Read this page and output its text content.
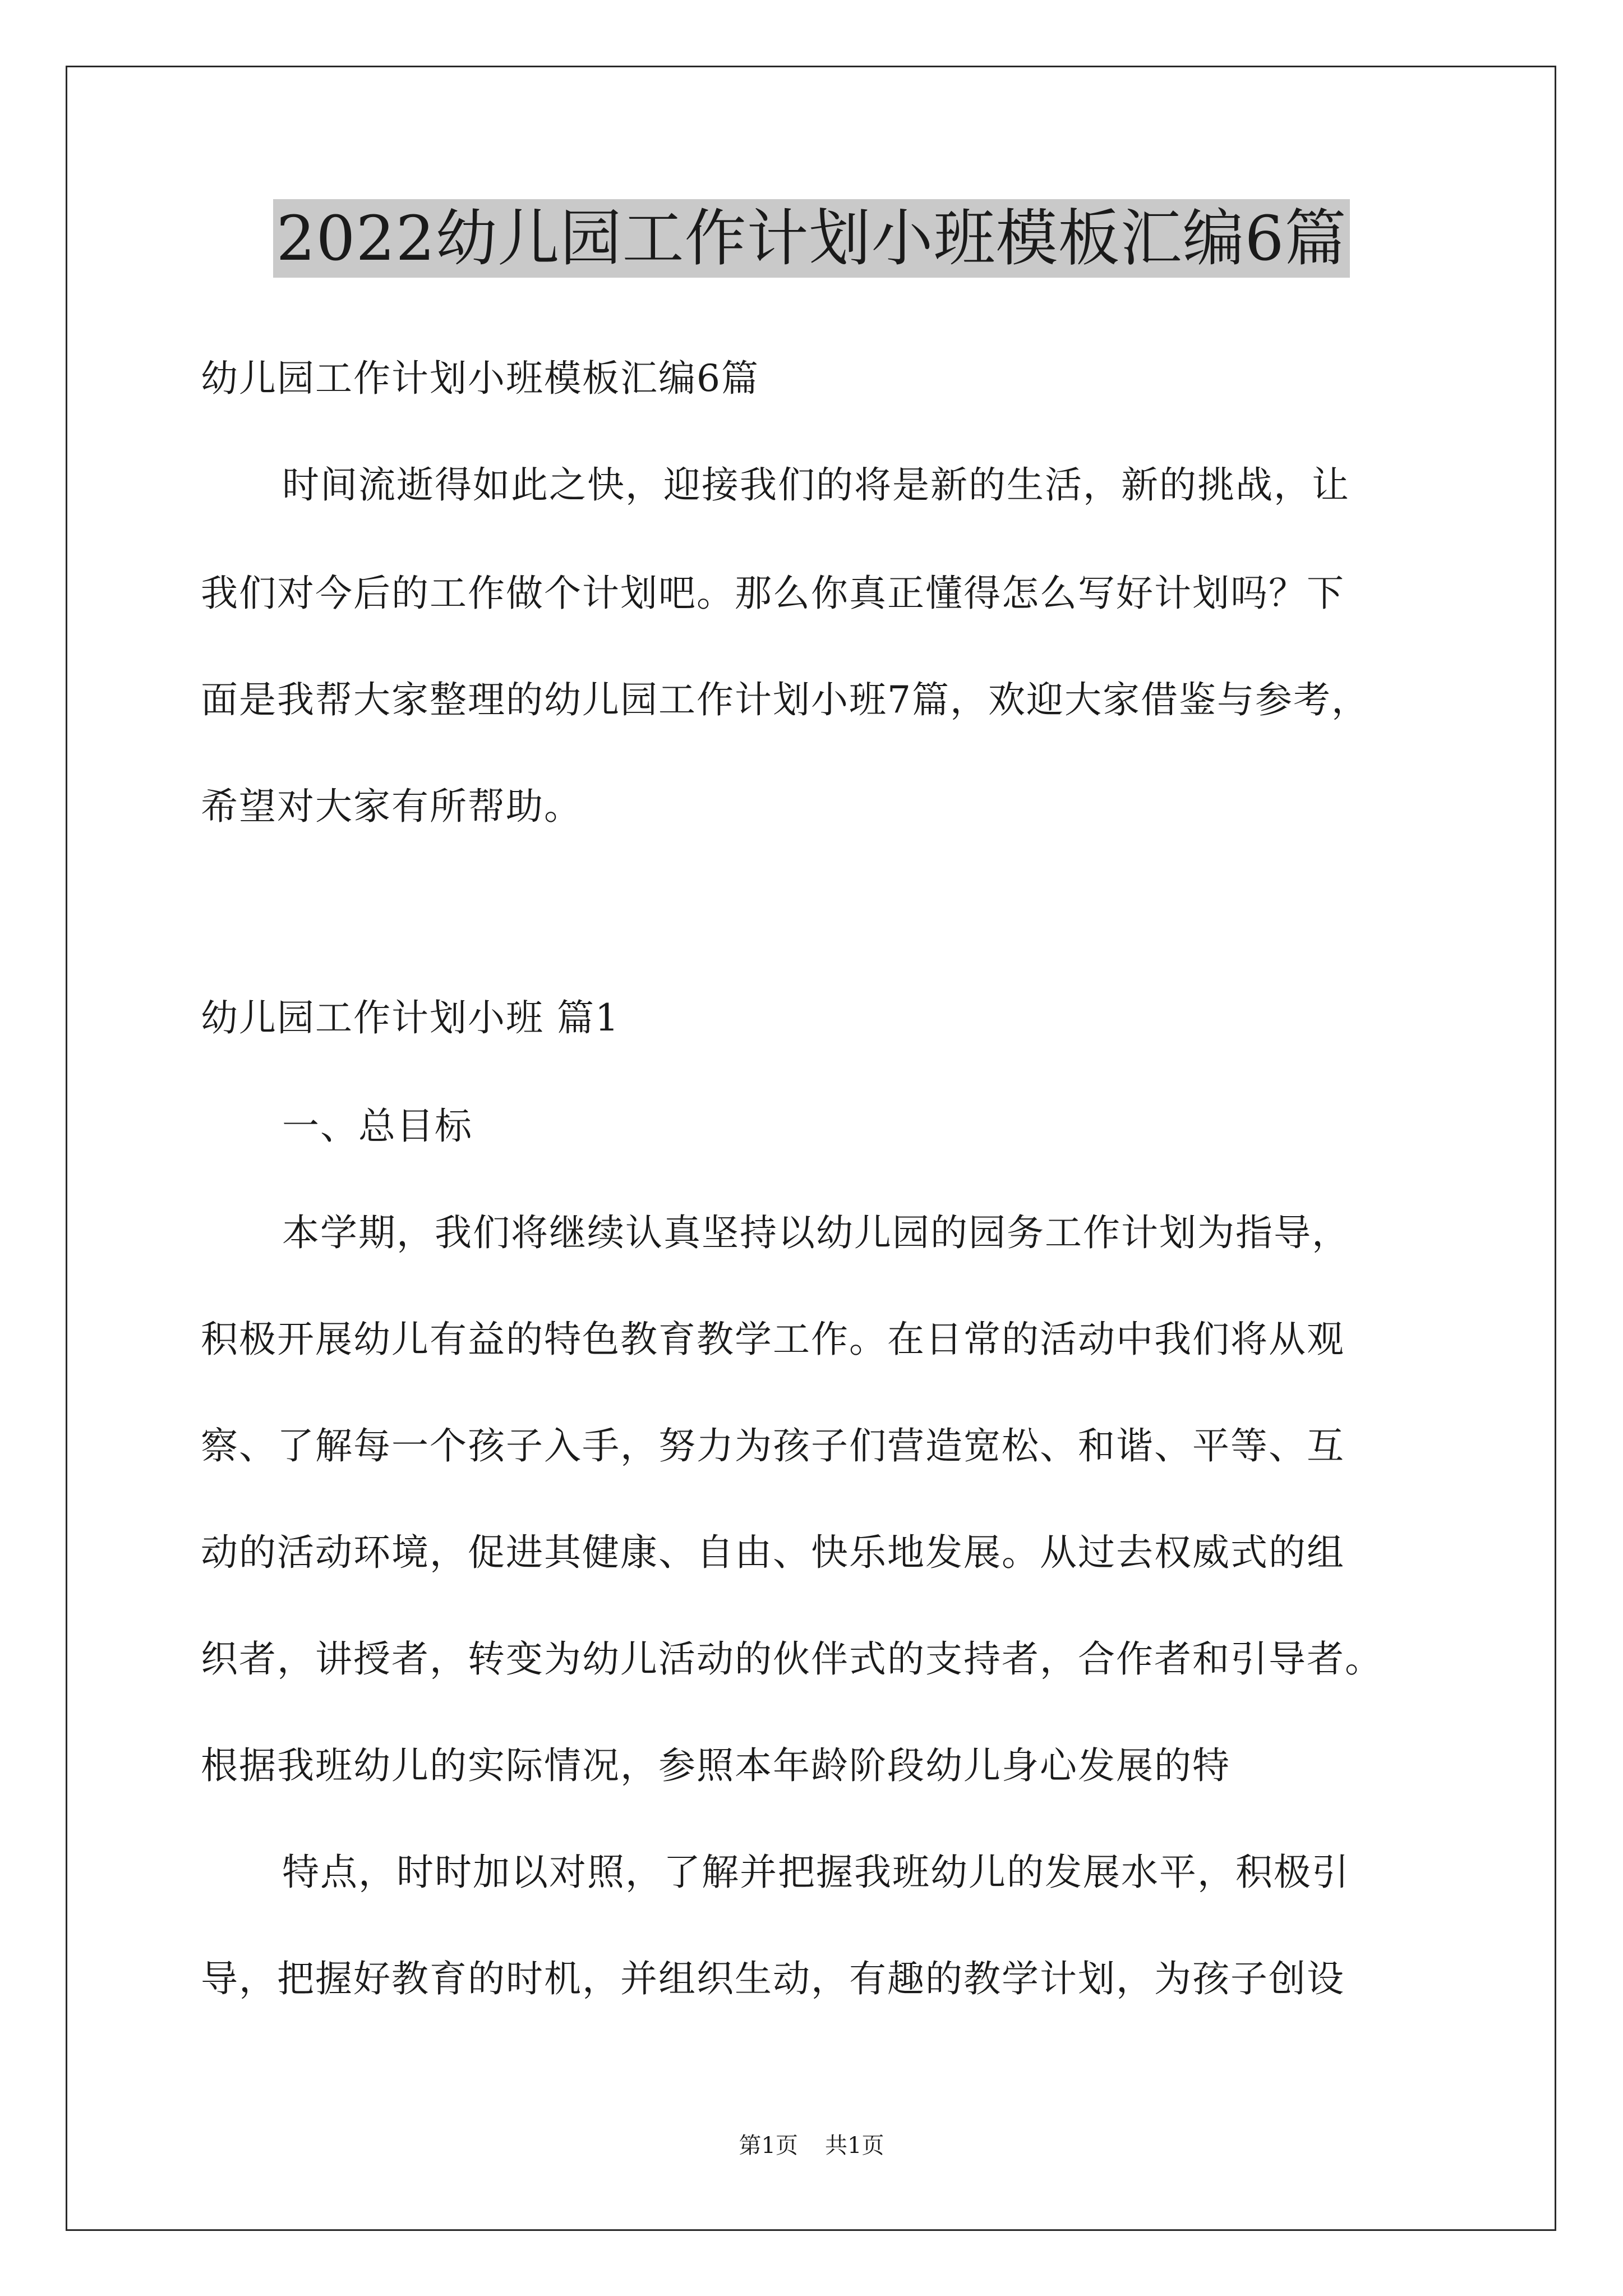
2022幼儿园工作计划小班模板汇编6篇
幼儿园工作计划小班模板汇编6篇
时间流逝得如此之快，迎接我们的将是新的生活，新的挑战，让
我们对今后的工作做个计划吧。那么你真正懂得怎么写好计划吗？下
面是我帮大家整理的幼儿园工作计划小班7篇，欢迎大家借鉴与参考，
希望对大家有所帮助。
幼儿园工作计划小班 篇1
一、总目标
本学期，我们将继续认真坚持以幼儿园的园务工作计划为指导，
积极开展幼儿有益的特色教育教学工作。在日常的活动中我们将从观
察、了解每一个孩子入手，努力为孩子们营造宽松、和谐、平等、互
动的活动环境，促进其健康、自由、快乐地发展。从过去权威式的组
织者，讲授者，转变为幼儿活动的伙伴式的支持者，合作者和引导者。
根据我班幼儿的实际情况，参照本年龄阶段幼儿身心发展的特
特点，时时加以对照，了解并把握我班幼儿的发展水平，积极引
导，把握好教育的时机，并组织生动，有趣的教学计划，为孩子创设
第1页 共1页
